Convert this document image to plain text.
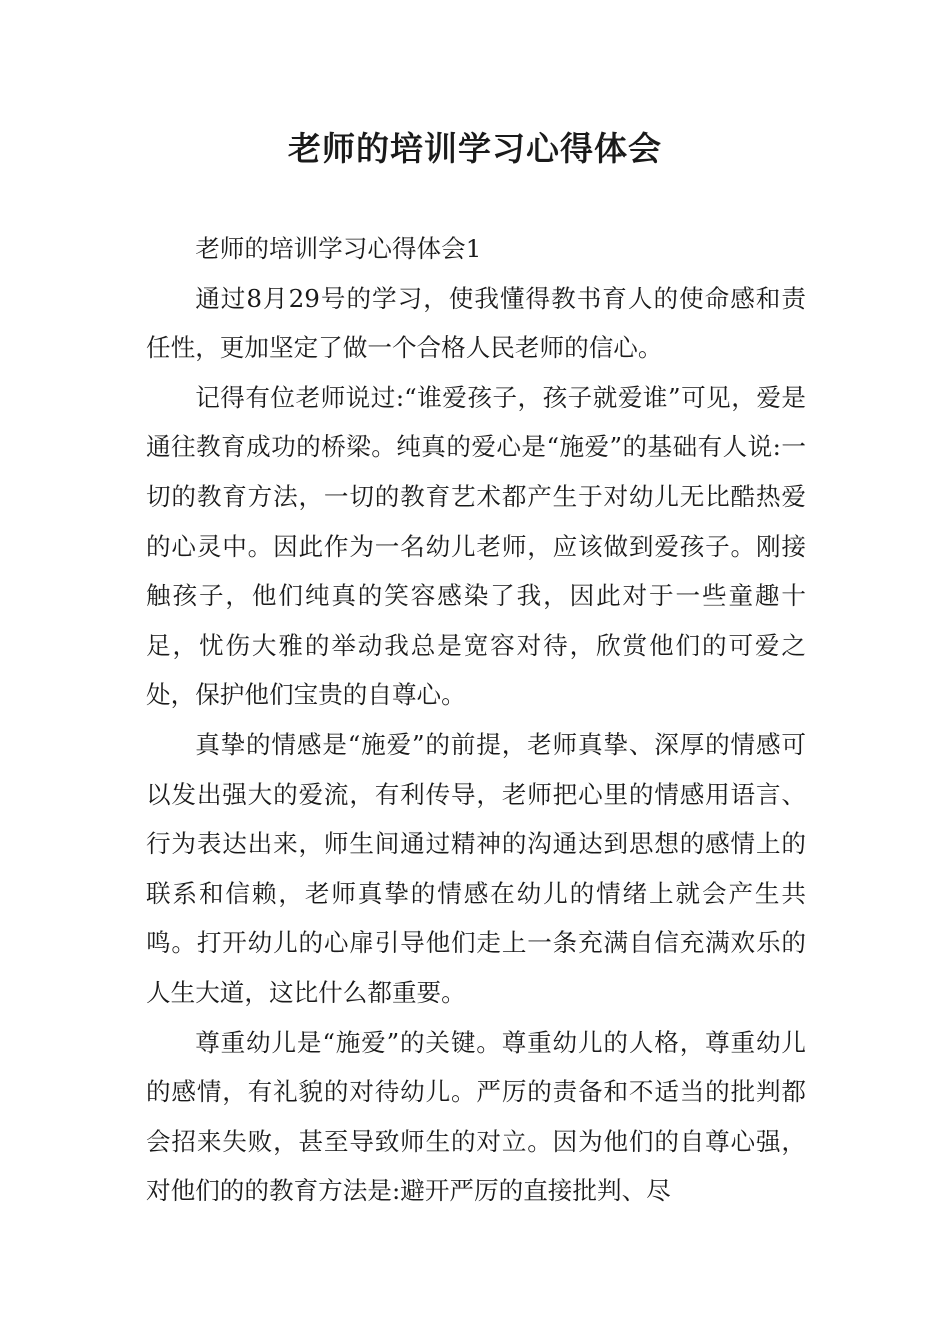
老师的培训学习心得体会

老师的培训学习心得体会1

通过8月29号的学习，使我懂得教书育人的使命感和责任性，更加坚定了做一个合格人民老师的信心。

记得有位老师说过:“谁爱孩子，孩子就爱谁”可见，爱是通往教育成功的桥梁。纯真的爱心是“施爱”的基础有人说:一切的教育方法，一切的教育艺术都产生于对幼儿无比酷热爱的心灵中。因此作为一名幼儿老师，应该做到爱孩子。刚接触孩子，他们纯真的笑容感染了我，因此对于一些童趣十足，忧伤大雅的举动我总是宽容对待，欣赏他们的可爱之处，保护他们宝贵的自尊心。

真挚的情感是“施爱”的前提，老师真挚、深厚的情感可以发出强大的爱流，有利传导，老师把心里的情感用语言、行为表达出来，师生间通过精神的沟通达到思想的感情上的联系和信赖，老师真挚的情感在幼儿的情绪上就会产生共鸣。打开幼儿的心扉引导他们走上一条充满自信充满欢乐的人生大道，这比什么都重要。

尊重幼儿是“施爱”的关键。尊重幼儿的人格，尊重幼儿的感情，有礼貌的对待幼儿。严厉的责备和不适当的批判都会招来失败，甚至导致师生的对立。因为他们的自尊心强，对他们的的教育方法是:避开严厉的直接批判、尽
